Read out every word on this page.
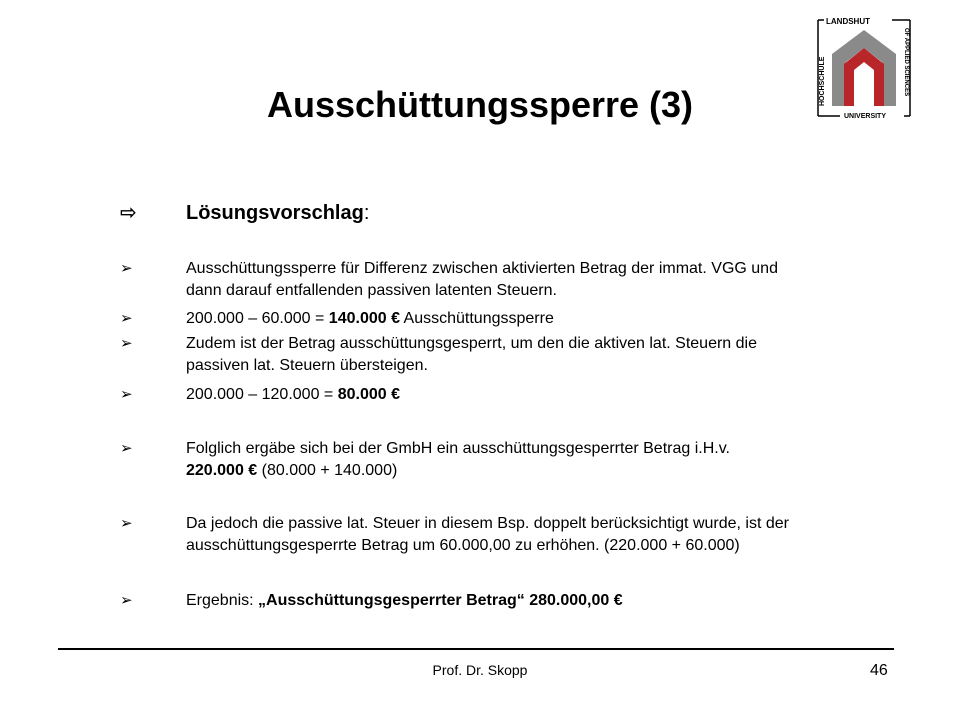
Ausschüttungssperre (3)
LANDSHUT
HOCHSCHULE	OF APPLIED SCIENCES
UNIVERSITY
⇨	Lösungsvorschlag :
➢	Ausschüttungssperre für Differenz zwischen aktivierten Betrag der immat. VGG und
dann darauf entfallenden passiven latenten Steuern.
➢	200.000 – 60.000 = 140.000 € Ausschüttungssperre
➢	Zudem ist der Betrag ausschüttungsgesperrt, um den die aktiven lat. Steuern die
passiven lat. Steuern übersteigen.
➢	200.000 – 120.000 = 80.000 €
➢	Folglich ergäbe sich bei der GmbH ein ausschüttungsgesperrter Betrag i.H.v.
220.000 € (80.000 + 140.000)
➢	Da jedoch die passive lat. Steuer in diesem Bsp. doppelt berücksichtigt wurde, ist der
ausschüttungsgesperrte Betrag um 60.000,00 zu erhöhen. (220.000 + 60.000)
➢	Ergebnis: „Ausschüttungsgesperrter Betrag“ 280.000,00 €
Prof. Dr. Skopp	46
